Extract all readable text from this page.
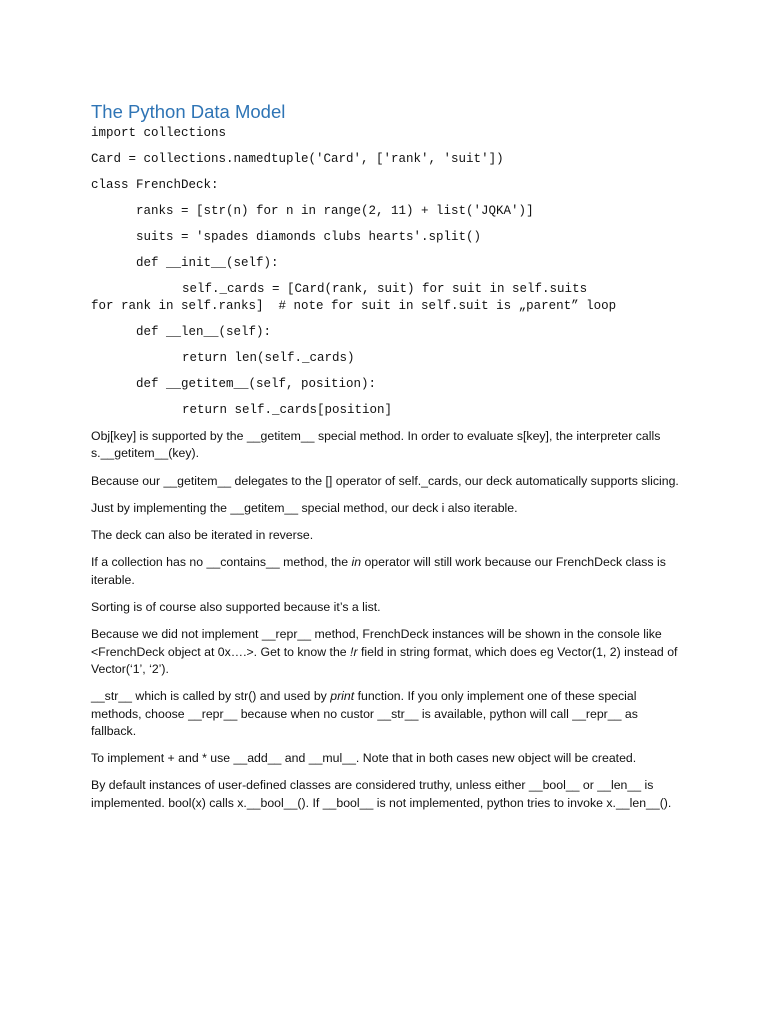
The Python Data Model
import collections
Card = collections.namedtuple('Card', ['rank', 'suit'])
class FrenchDeck:
ranks = [str(n) for n in range(2, 11) + list('JQKA')]
suits = 'spades diamonds clubs hearts'.split()
def __init__(self):
self._cards = [Card(rank, suit) for suit in self.suits
for rank in self.ranks]  # note for suit in self.suit is „parent” loop
def __len__(self):
return len(self._cards)
def __getitem__(self, position):
return self._cards[position]

Obj[key] is supported by the __getitem__ special method. In order to evaluate s[key], the interpreter calls s.__getitem__(key).

Because our __getitem__ delegates to the [] operator of self._cards, our deck automatically supports slicing.

Just by implementing the __getitem__ special method, our deck i also iterable.

The deck can also be iterated in reverse.

If a collection has no __contains__ method, the in operator will still work because our FrenchDeck class is iterable.

Sorting is of course also supported because it’s a list.

Because we did not implement __repr__ method, FrenchDeck instances will be shown in the console like <FrenchDeck object at 0x….>. Get to know the !r field in string format, which does eg Vector(1, 2) instead of Vector(‘1’, ‘2’).

__str__ which is called by str() and used by print function. If you only implement one of these special methods, choose __repr__ because when no custor __str__ is available, python will call __repr__ as fallback.

To implement + and * use __add__ and __mul__. Note that in both cases new object will be created.

By default instances of user-defined classes are considered truthy, unless either __bool__ or __len__ is implemented. bool(x) calls x.__bool__(). If __bool__ is not implemented, python tries to invoke x.__len__().
